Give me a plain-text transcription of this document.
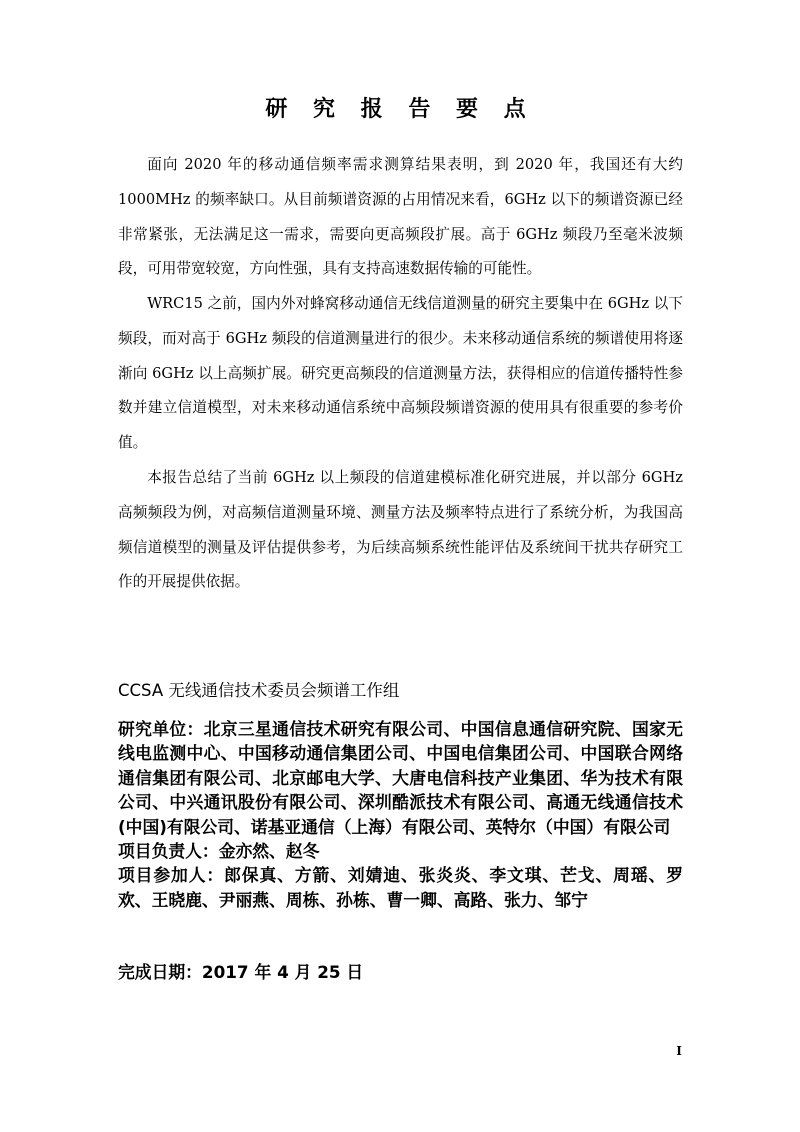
研 究 报 告 要 点

面向 2020 年的移动通信频率需求测算结果表明，到 2020 年，我国还有大约 1000MHz 的频率缺口。从目前频谱资源的占用情况来看，6GHz 以下的频谱资源已经非常紧张，无法满足这一需求，需要向更高频段扩展。高于 6GHz 频段乃至毫米波频段，可用带宽较宽，方向性强，具有支持高速数据传输的可能性。

WRC15 之前，国内外对蜂窝移动通信无线信道测量的研究主要集中在 6GHz 以下频段，而对高于 6GHz 频段的信道测量进行的很少。未来移动通信系统的频谱使用将逐渐向 6GHz 以上高频扩展。研究更高频段的信道测量方法，获得相应的信道传播特性参数并建立信道模型，对未来移动通信系统中高频段频谱资源的使用具有很重要的参考价值。

本报告总结了当前 6GHz 以上频段的信道建模标准化研究进展，并以部分 6GHz 高频频段为例，对高频信道测量环境、测量方法及频率特点进行了系统分析，为我国高频信道模型的测量及评估提供参考，为后续高频系统性能评估及系统间干扰共存研究工作的开展提供依据。

CCSA 无线通信技术委员会频谱工作组
研究单位：北京三星通信技术研究有限公司、中国信息通信研究院、国家无线电监测中心、中国移动通信集团公司、中国电信集团公司、中国联合网络通信集团有限公司、北京邮电大学、大唐电信科技产业集团、华为技术有限公司、中兴通讯股份有限公司、深圳酷派技术有限公司、高通无线通信技术(中国)有限公司、诺基亚通信（上海）有限公司、英特尔（中国）有限公司
项目负责人：金亦然、赵冬
项目参加人：郎保真、方箭、刘婧迪、张炎炎、李文琪、芒戈、周瑶、罗欢、王晓鹿、尹丽燕、周栋、孙栋、曹一卿、高路、张力、邹宁
完成日期：2017 年 4 月 25 日
I
